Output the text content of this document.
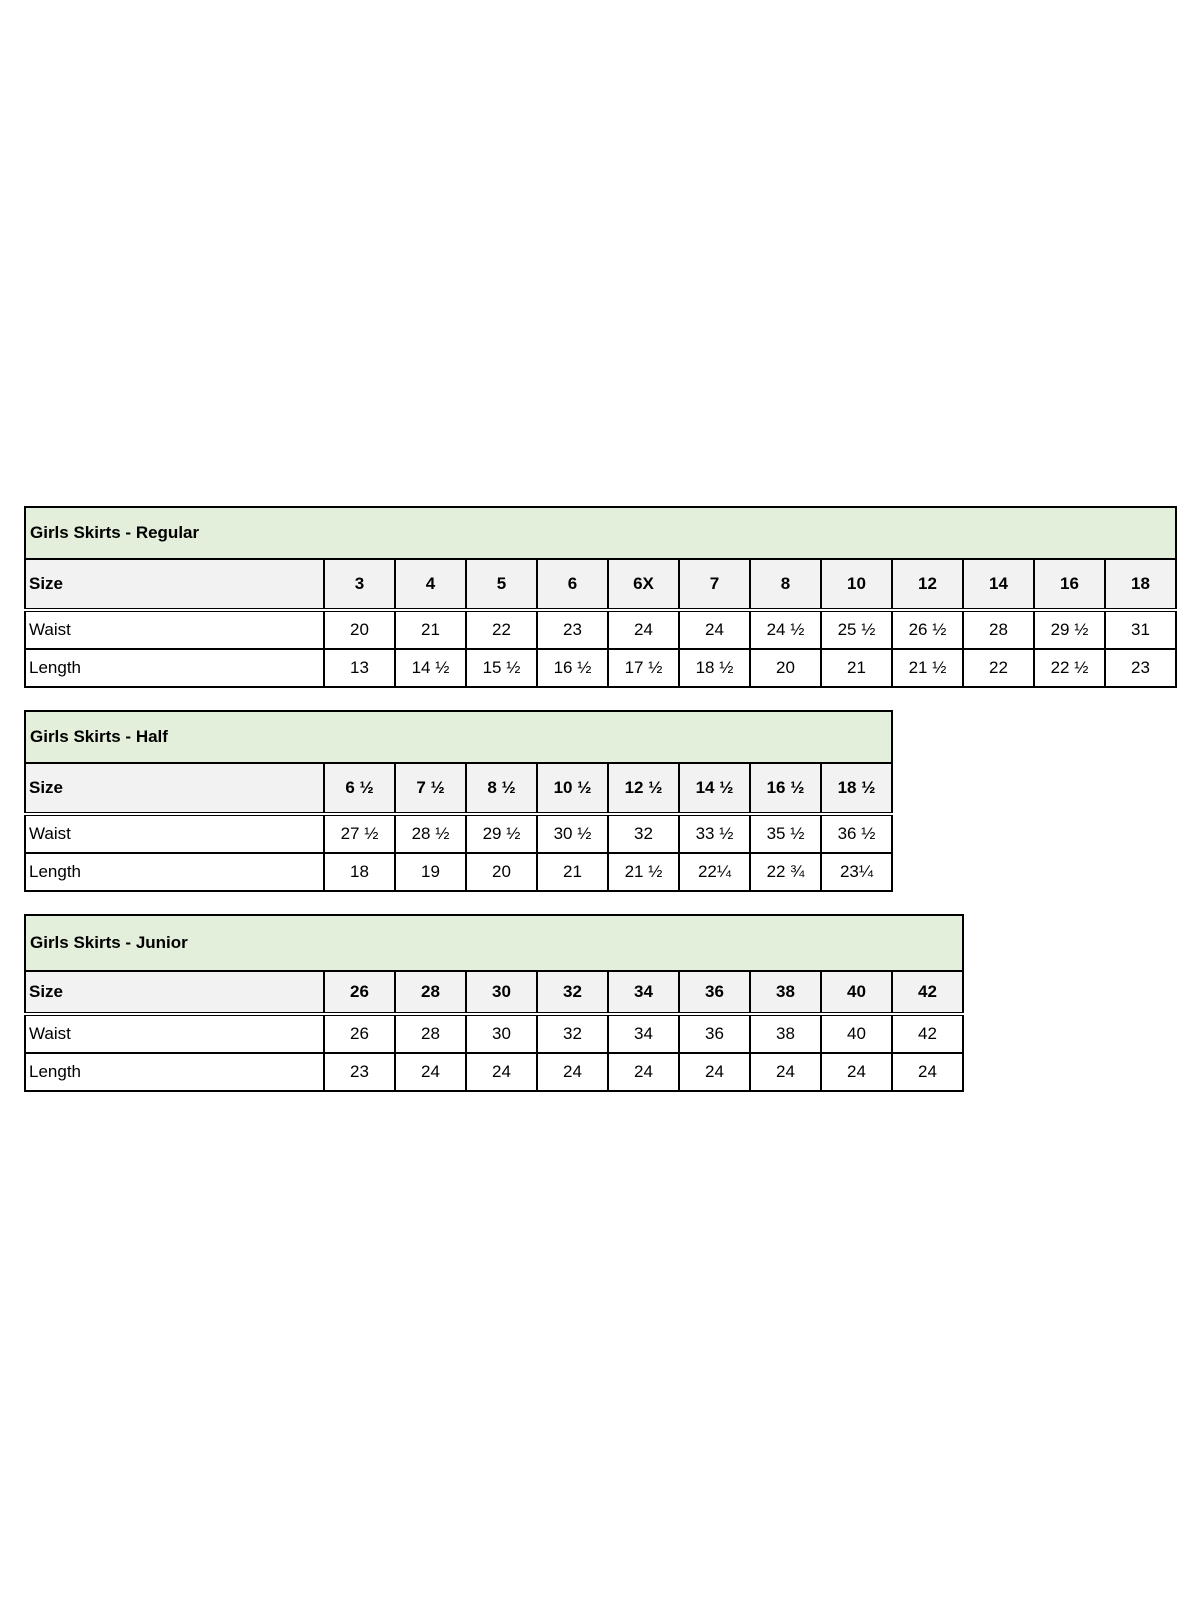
Girls Skirts - Regular												
Size	3	4	5	6	6X	7	8	10	12	14	16	18
Waist	20	21	22	23	24	24	24 ½	25 ½	26 ½	28	29 ½	31
Length	13	14 ½	15 ½	16 ½	17 ½	18 ½	20	21	21 ½	22	22 ½	23
Girls Skirts - Half								
Size	6 ½	7 ½	8 ½	10 ½	12 ½	14 ½	16 ½	18 ½
Waist	27 ½	28 ½	29 ½	30 ½	32	33 ½	35 ½	36 ½
Length	18	19	20	21	21 ½	22¼	22 ¾	23¼
Girls Skirts - Junior									
Size	26	28	30	32	34	36	38	40	42
Waist	26	28	30	32	34	36	38	40	42
Length	23	24	24	24	24	24	24	24	24
